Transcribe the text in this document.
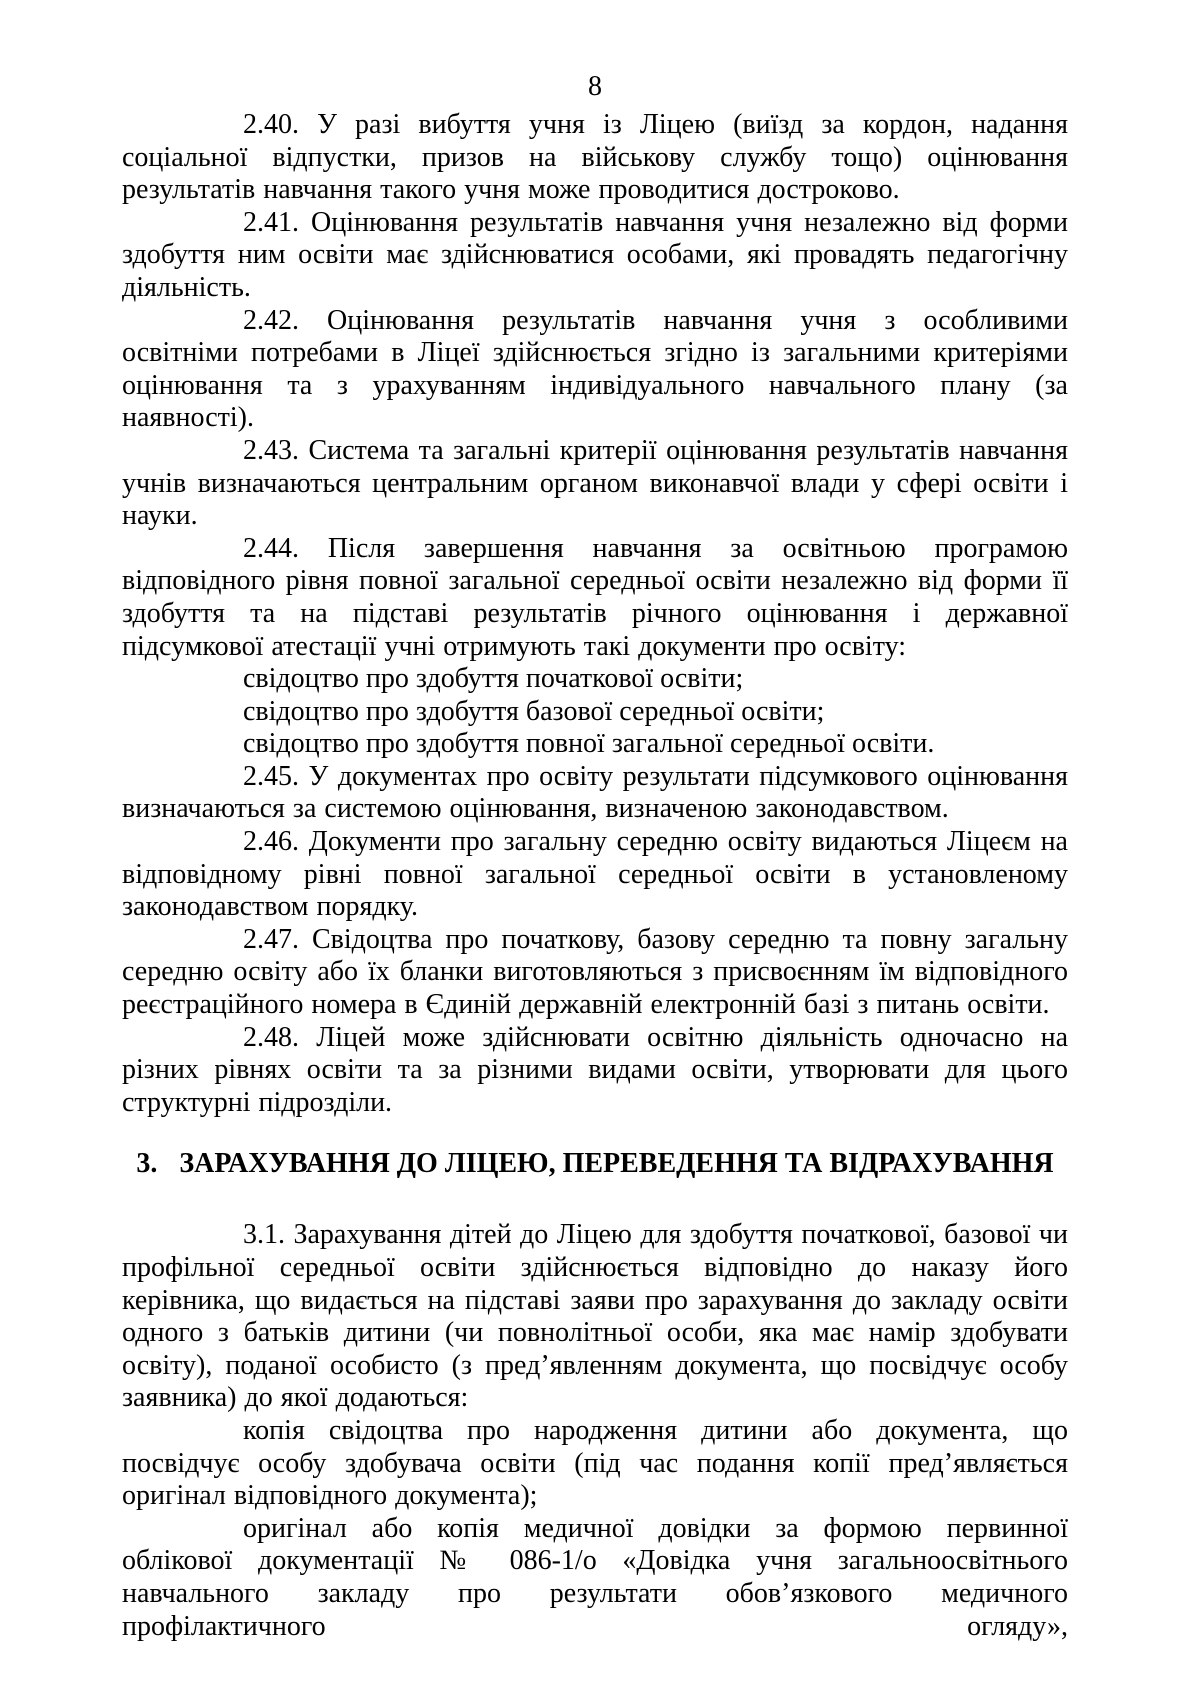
8

2.40. У разі вибуття учня із Ліцею (виїзд за кордон, надання соціальної відпустки, призов на військову службу тощо) оцінювання результатів навчання такого учня може проводитися достроково.

2.41. Оцінювання результатів навчання учня незалежно від форми здобуття ним освіти має здійснюватися особами, які провадять педагогічну діяльність.

2.42. Оцінювання результатів навчання учня з особливими освітніми потребами в Ліцеї здійснюється згідно із загальними критеріями оцінювання та з урахуванням індивідуального навчального плану (за наявності).

2.43. Система та загальні критерії оцінювання результатів навчання учнів визначаються центральним органом виконавчої влади у сфері освіти і науки.

2.44. Після завершення навчання за освітньою програмою відповідного рівня повної загальної середньої освіти незалежно від форми її здобуття та на підставі результатів річного оцінювання і державної підсумкової атестації учні отримують такі документи про освіту:

свідоцтво про здобуття початкової освіти;

свідоцтво про здобуття базової середньої освіти;

свідоцтво про здобуття повної загальної середньої освіти.

2.45. У документах про освіту результати підсумкового оцінювання визначаються за системою оцінювання, визначеною законодавством.

2.46. Документи про загальну середню освіту видаються Ліцеєм на відповідному рівні повної загальної середньої освіти в установленому законодавством порядку.

2.47. Свідоцтва про початкову, базову середню та повну загальну середню освіту або їх бланки виготовляються з присвоєнням їм відповідного реєстраційного номера в Єдиній державній електронній базі з питань освіти.

2.48. Ліцей може здійснювати освітню діяльність одночасно на різних рівнях освіти та за різними видами освіти, утворювати для цього структурні підрозділи.

3. ЗАРАХУВАННЯ ДО ЛІЦЕЮ, ПЕРЕВЕДЕННЯ ТА ВІДРАХУВАННЯ

3.1. Зарахування дітей до Ліцею для здобуття початкової, базової чи профільної середньої освіти здійснюється відповідно до наказу його керівника, що видається на підставі заяви про зарахування до закладу освіти одного з батьків дитини (чи повнолітньої особи, яка має намір здобувати освіту), поданої особисто (з пред’явленням документа, що посвідчує особу заявника) до якої додаються:

копія свідоцтва про народження дитини або документа, що посвідчує особу здобувача освіти (під час подання копії пред’являється оригінал відповідного документа);

оригінал або копія медичної довідки за формою первинної облікової документації № 086-1/о «Довідка учня загальноосвітнього навчального закладу про результати обов’язкового медичного профілактичного огляду»,
